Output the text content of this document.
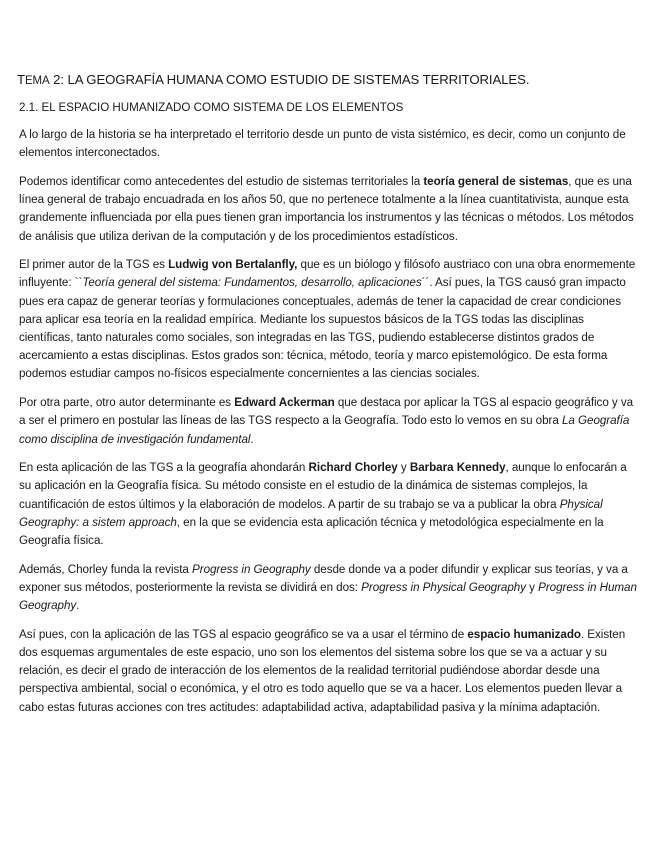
TEMA 2: LA GEOGRAFÍA HUMANA COMO ESTUDIO DE SISTEMAS TERRITORIALES.
2.1. EL ESPACIO HUMANIZADO COMO SISTEMA DE LOS ELEMENTOS

A lo largo de la historia se ha interpretado el territorio desde un punto de vista sistémico, es decir, como un conjunto de elementos interconectados.

Podemos identificar como antecedentes del estudio de sistemas territoriales la teoría general de sistemas, que es una línea general de trabajo encuadrada en los años 50, que no pertenece totalmente a la línea cuantitativista, aunque esta grandemente influenciada por ella pues tienen gran importancia los instrumentos y las técnicas o métodos. Los métodos de análisis que utiliza derivan de la computación y de los procedimientos estadísticos.

El primer autor de la TGS es Ludwig von Bertalanfly, que es un biólogo y filósofo austriaco con una obra enormemente influyente: ``Teoría general del sistema: Fundamentos, desarrollo, aplicaciones´´. Así pues, la TGS causó gran impacto pues era capaz de generar teorías y formulaciones conceptuales, además de tener la capacidad de crear condiciones para aplicar esa teoría en la realidad empírica. Mediante los supuestos básicos de la TGS todas las disciplinas científicas, tanto naturales como sociales, son integradas en las TGS, pudiendo establecerse distintos grados de acercamiento a estas disciplinas. Estos grados son: técnica, método, teoría y marco epistemológico. De esta forma podemos estudiar campos no-físicos especialmente concernientes a las ciencias sociales.

Por otra parte, otro autor determinante es Edward Ackerman que destaca por aplicar la TGS al espacio geográfico y va a ser el primero en postular las líneas de las TGS respecto a la Geografía. Todo esto lo vemos en su obra La Geografía como disciplina de investigación fundamental.

En esta aplicación de las TGS a la geografía ahondarán Richard Chorley y Barbara Kennedy, aunque lo enfocarán a su aplicación en la Geografía física. Su método consiste en el estudio de la dinámica de sistemas complejos, la cuantificación de estos últimos y la elaboración de modelos. A partir de su trabajo se va a publicar la obra Physical Geography: a sistem approach, en la que se evidencia esta aplicación técnica y metodológica especialmente en la Geografía física.

Además, Chorley funda la revista Progress in Geography desde donde va a poder difundir y explicar sus teorías, y va a exponer sus métodos, posteriormente la revista se dividirá en dos: Progress in Physical Geography y Progress in Human Geography.

Así pues, con la aplicación de las TGS al espacio geográfico se va a usar el término de espacio humanizado. Existen dos esquemas argumentales de este espacio, uno son los elementos del sistema sobre los que se va a actuar y su relación, es decir el grado de interacción de los elementos de la realidad territorial pudiéndose abordar desde una perspectiva ambiental, social o económica, y el otro es todo aquello que se va a hacer. Los elementos pueden llevar a cabo estas futuras acciones con tres actitudes: adaptabilidad activa, adaptabilidad pasiva y la mínima adaptación.
